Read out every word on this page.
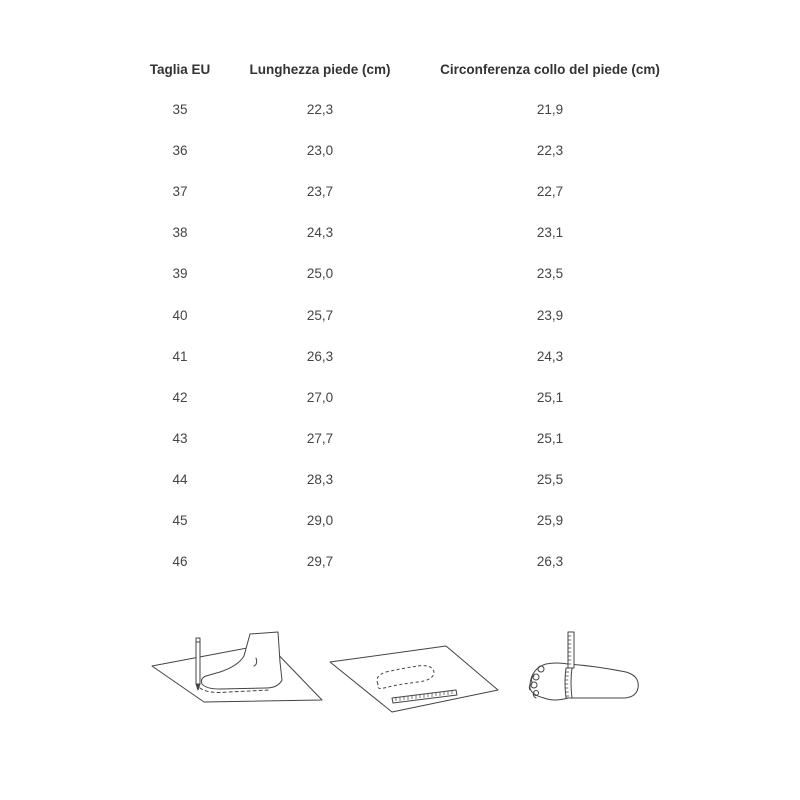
Taglia EU	Lunghezza piede (cm)	Circonferenza collo del piede (cm)
35	22,3	21,9
36	23,0	22,3
37	23,7	22,7
38	24,3	23,1
39	25,0	23,5
40	25,7	23,9
41	26,3	24,3
42	27,0	25,1
43	27,7	25,1
44	28,3	25,5
45	29,0	25,9
46	29,7	26,3
